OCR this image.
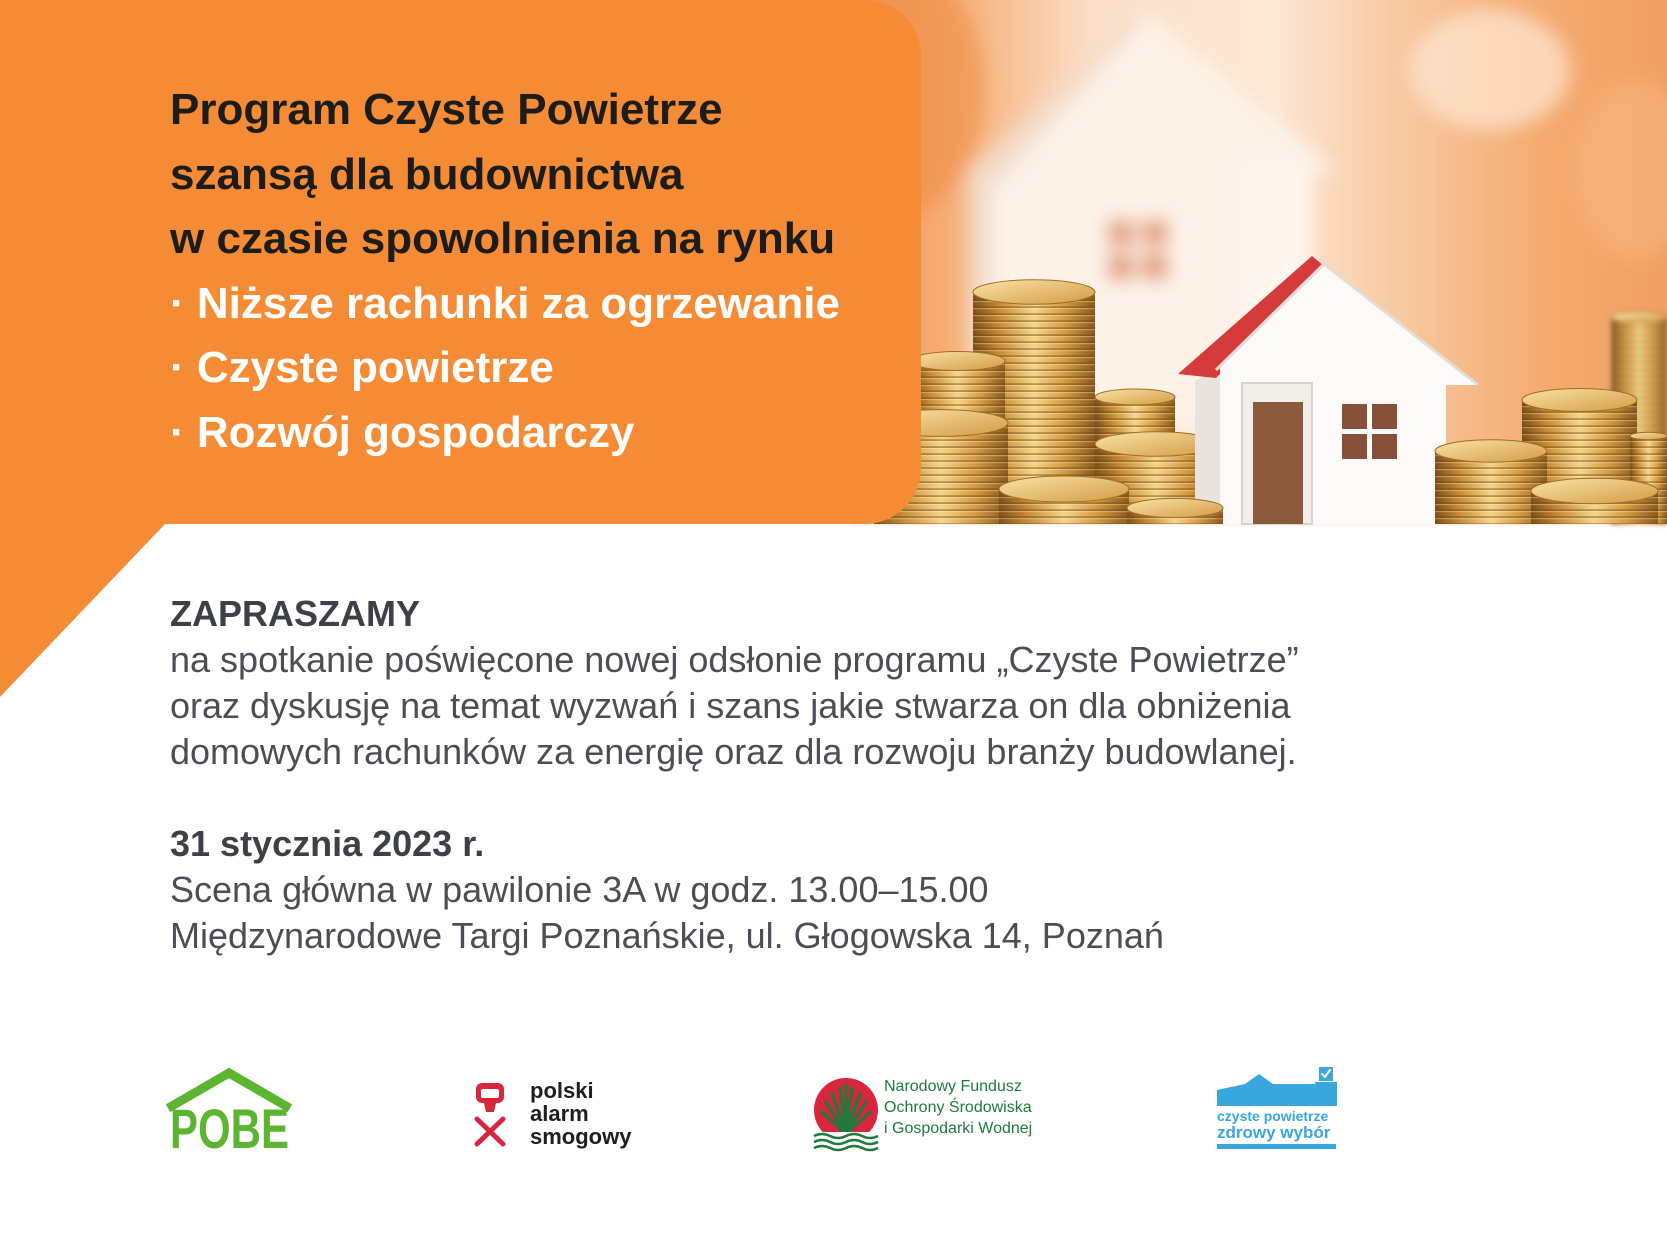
Program Czyste Powietrze
szansą dla budownictwa
w czasie spowolnienia na rynku
· Niższe rachunki za ogrzewanie
· Czyste powietrze
· Rozwój gospodarczy
ZAPRASZAMY
na spotkanie poświęcone nowej odsłonie programu „Czyste Powietrze”
oraz dyskusję na temat wyzwań i szans jakie stwarza on dla obniżenia
domowych rachunków za energię oraz dla rozwoju branży budowlanej.
31 stycznia 2023 r.
Scena główna w pawilonie 3A w godz. 13.00–15.00
Międzynarodowe Targi Poznańskie, ul. Głogowska 14, Poznań
POBE
polski
alarm
smogowy
Narodowy Fundusz
Ochrony Środowiska
i Gospodarki Wodnej
czyste powietrze
zdrowy wybór
